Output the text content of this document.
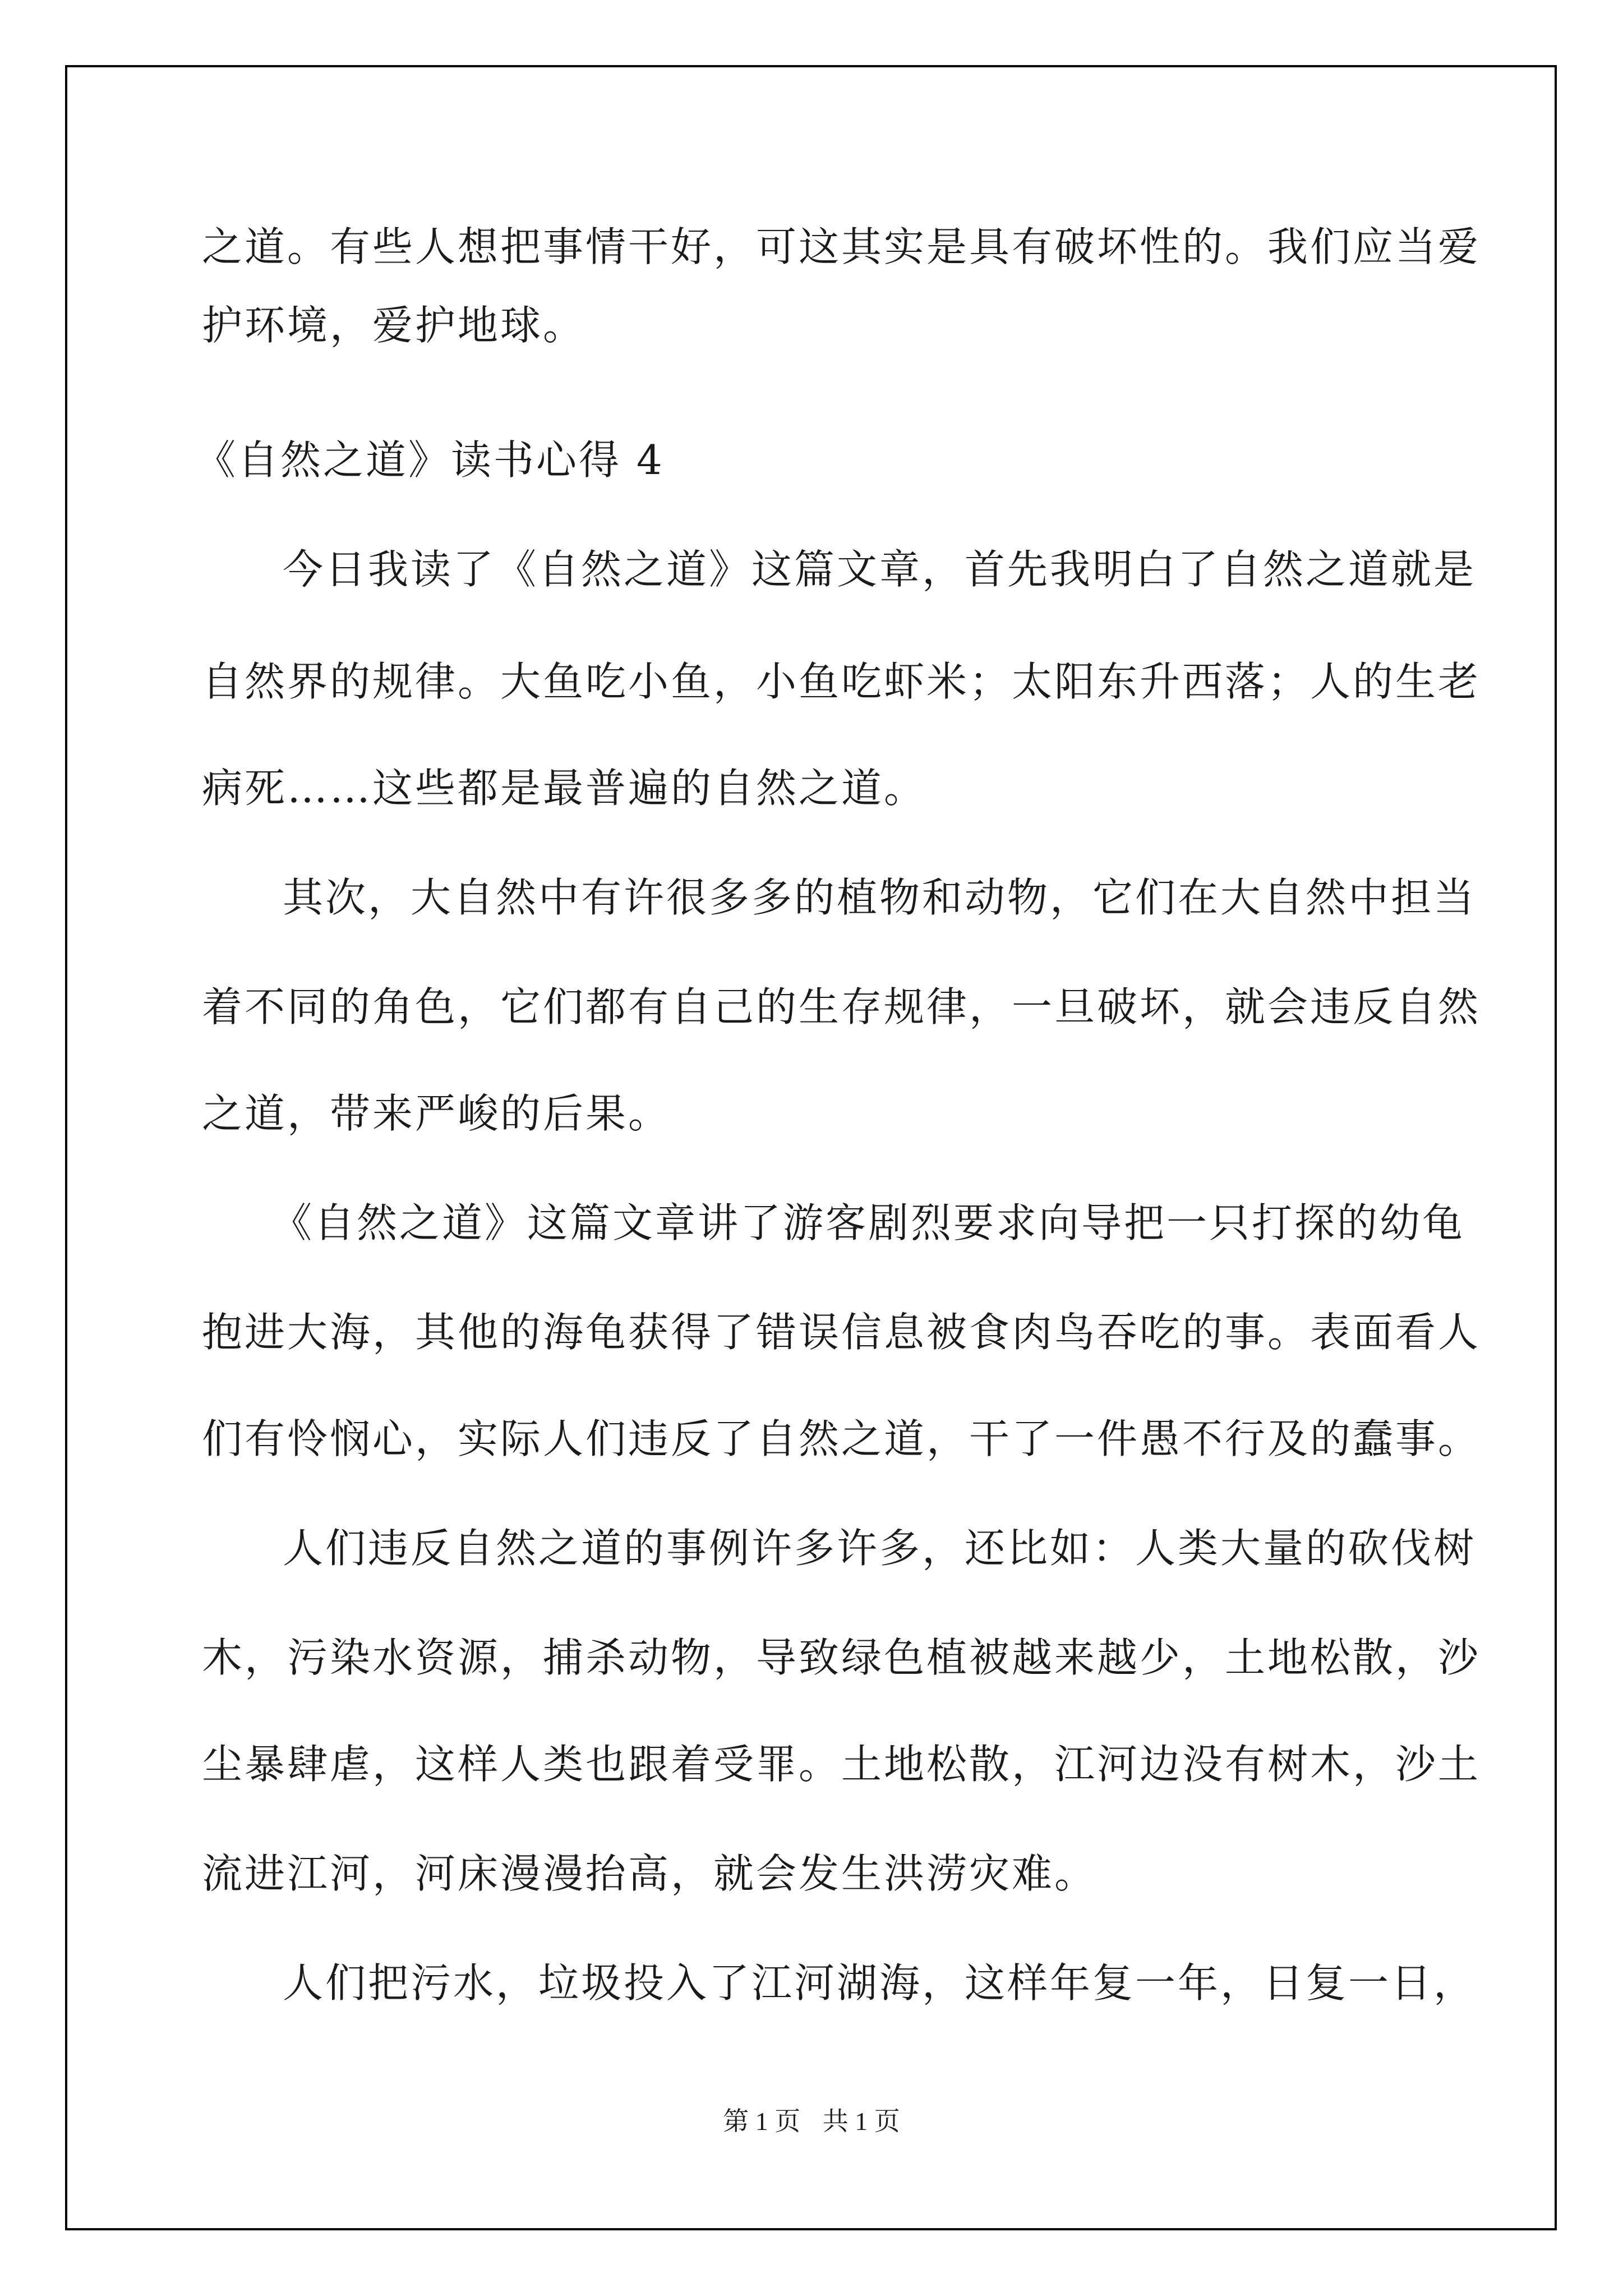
之道。有些人想把事情干好，可这其实是具有破坏性的。我们应当爱
护环境，爱护地球。
《自然之道》读书心得 4
今日我读了《自然之道》这篇文章，首先我明白了自然之道就是
自然界的规律。大鱼吃小鱼，小鱼吃虾米；太阳东升西落；人的生老
病死……这些都是最普遍的自然之道。
其次，大自然中有许很多多的植物和动物，它们在大自然中担当
着不同的角色，它们都有自己的生存规律，一旦破坏，就会违反自然
之道，带来严峻的后果。
《自然之道》这篇文章讲了游客剧烈要求向导把一只打探的幼龟
抱进大海，其他的海龟获得了错误信息被食肉鸟吞吃的事。表面看人
们有怜悯心，实际人们违反了自然之道，干了一件愚不行及的蠢事。
人们违反自然之道的事例许多许多，还比如：人类大量的砍伐树
木，污染水资源，捕杀动物，导致绿色植被越来越少，土地松散，沙
尘暴肆虐，这样人类也跟着受罪。土地松散，江河边没有树木，沙土
流进江河，河床漫漫抬高，就会发生洪涝灾难。
人们把污水，垃圾投入了江河湖海，这样年复一年，日复一日，
第 1 页 共 1 页
